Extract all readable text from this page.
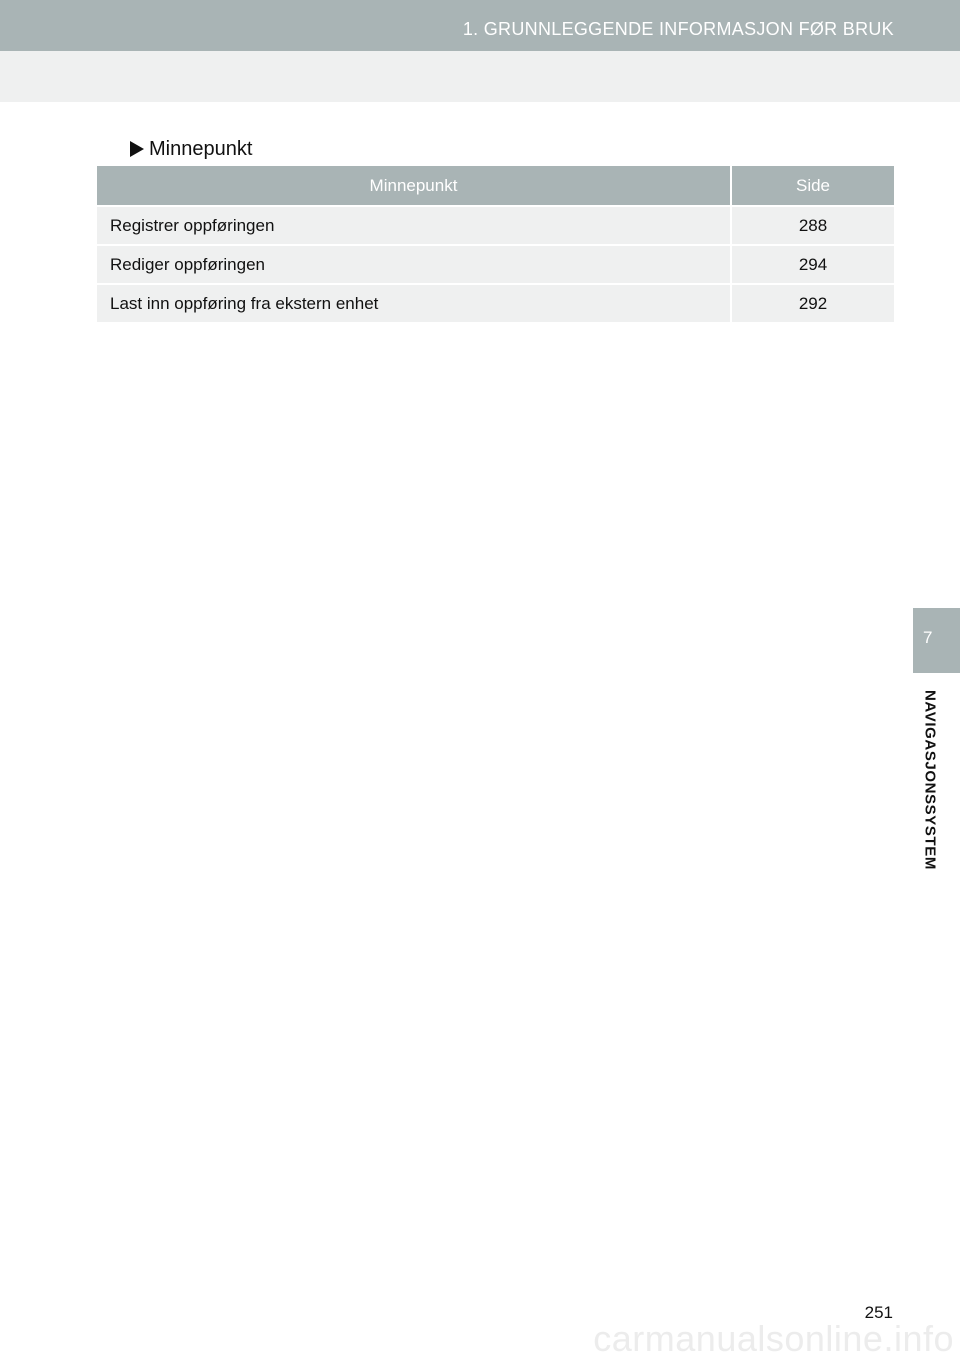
1. GRUNNLEGGENDE INFORMASJON FØR BRUK
Minnepunkt
Minnepunkt	Side
Registrer oppføringen	288
Rediger oppføringen	294
Last inn oppføring fra ekstern enhet	292
7
NAVIGASJONSSYSTEM
251
carmanualsonline.info
